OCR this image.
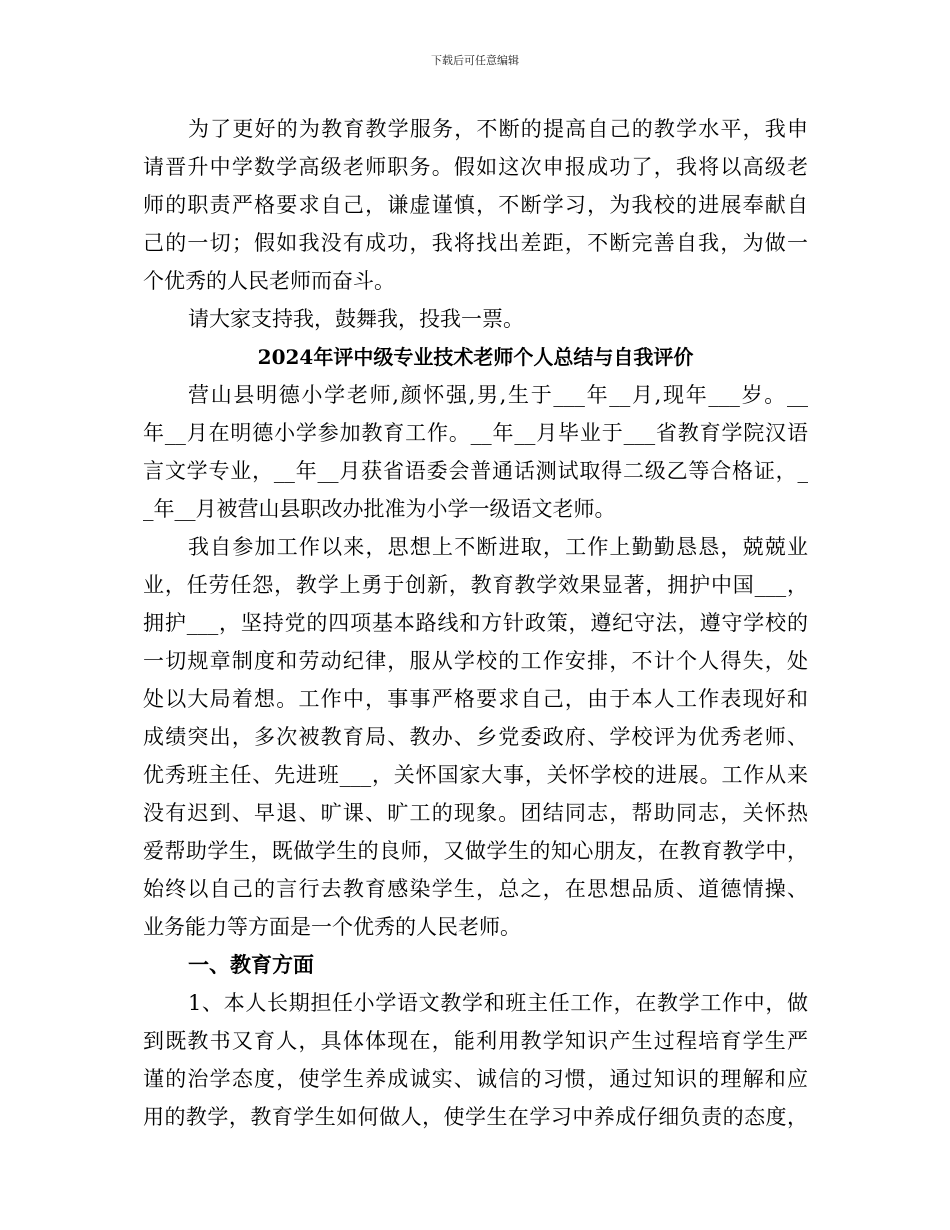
下载后可任意编辑
为了更好的为教育教学服务，不断的提高自己的教学水平，我申
请晋升中学数学高级老师职务。假如这次申报成功了，我将以高级老
师的职责严格要求自己，谦虚谨慎，不断学习，为我校的进展奉献自
己的一切；假如我没有成功，我将找出差距，不断完善自我，为做一
个优秀的人民老师而奋斗。
请大家支持我，鼓舞我，投我一票。
2024年评中级专业技术老师个人总结与自我评价
营山县明德小学老师,颜怀强,男,生于___年__月,现年___岁。__
年__月在明德小学参加教育工作。__年__月毕业于___省教育学院汉语
言文学专业，__年__月获省语委会普通话测试取得二级乙等合格证，_
_年__月被营山县职改办批准为小学一级语文老师。
我自参加工作以来，思想上不断进取，工作上勤勤恳恳，兢兢业
业，任劳任怨，教学上勇于创新，教育教学效果显著，拥护中国___，
拥护___，坚持党的四项基本路线和方针政策，遵纪守法，遵守学校的
一切规章制度和劳动纪律，服从学校的工作安排，不计个人得失，处
处以大局着想。工作中，事事严格要求自己，由于本人工作表现好和
成绩突出，多次被教育局、教办、乡党委政府、学校评为优秀老师、
优秀班主任、先进班___，关怀国家大事，关怀学校的进展。工作从来
没有迟到、早退、旷课、旷工的现象。团结同志，帮助同志，关怀热
爱帮助学生，既做学生的良师，又做学生的知心朋友，在教育教学中，
始终以自己的言行去教育感染学生，总之，在思想品质、道德情操、
业务能力等方面是一个优秀的人民老师。
一、教育方面
1、本人长期担任小学语文教学和班主任工作，在教学工作中，做
到既教书又育人，具体体现在，能利用教学知识产生过程培育学生严
谨的治学态度，使学生养成诚实、诚信的习惯，通过知识的理解和应
用的教学，教育学生如何做人，使学生在学习中养成仔细负责的态度，
